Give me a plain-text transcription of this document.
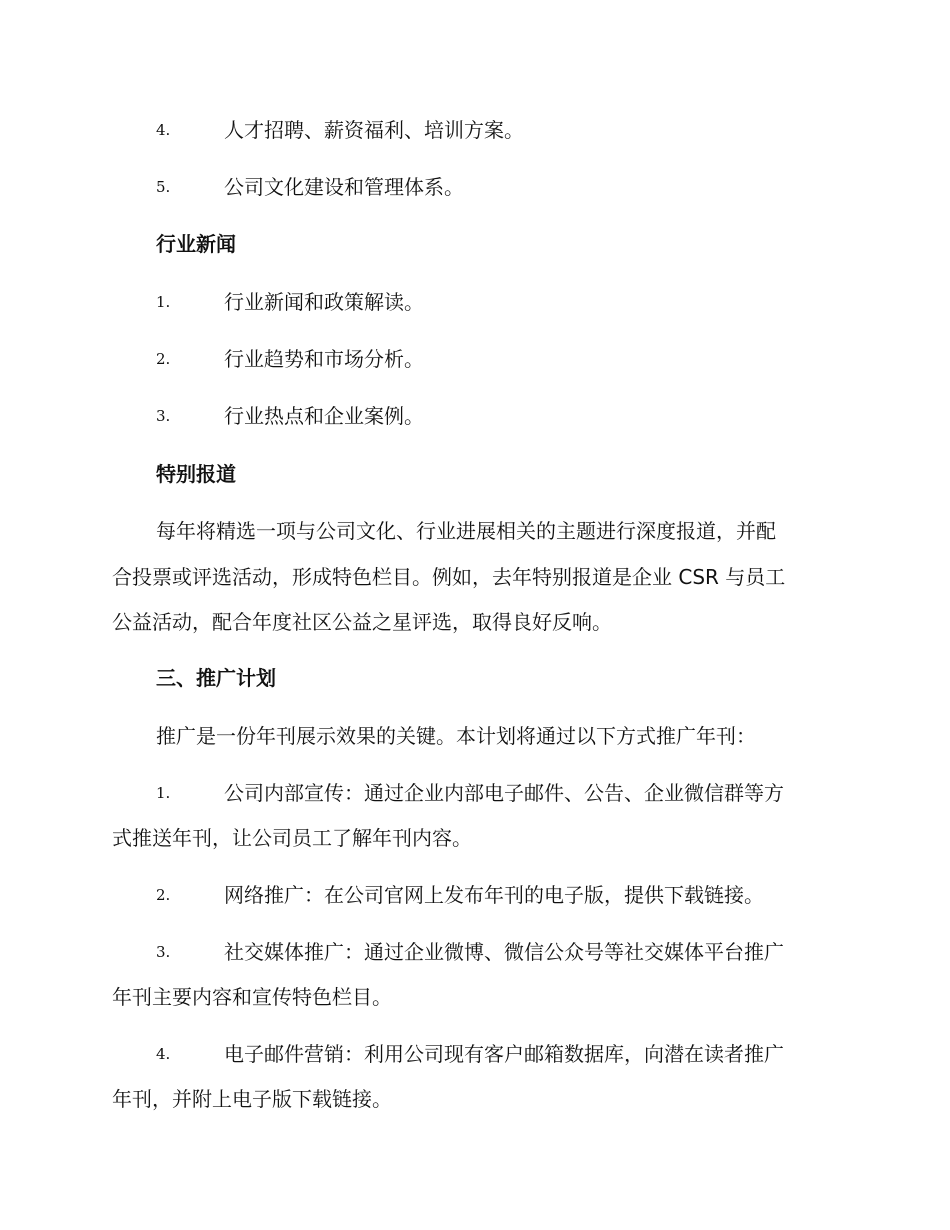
4.	人才招聘、薪资福利、培训方案。
5.	公司文化建设和管理体系。
行业新闻
1.	行业新闻和政策解读。
2.	行业趋势和市场分析。
3.	行业热点和企业案例。
特别报道
每年将精选一项与公司文化、行业进展相关的主题进行深度报道，并配
合投票或评选活动，形成特色栏目。例如，去年特别报道是企业 CSR 与员工
公益活动，配合年度社区公益之星评选，取得良好反响。
三、推广计划
推广是一份年刊展示效果的关键。本计划将通过以下方式推广年刊：
1.	公司内部宣传：通过企业内部电子邮件、公告、企业微信群等方
式推送年刊，让公司员工了解年刊内容。
2.	网络推广：在公司官网上发布年刊的电子版，提供下载链接。
3.	社交媒体推广：通过企业微博、微信公众号等社交媒体平台推广
年刊主要内容和宣传特色栏目。
4.	电子邮件营销：利用公司现有客户邮箱数据库，向潜在读者推广
年刊，并附上电子版下载链接。
